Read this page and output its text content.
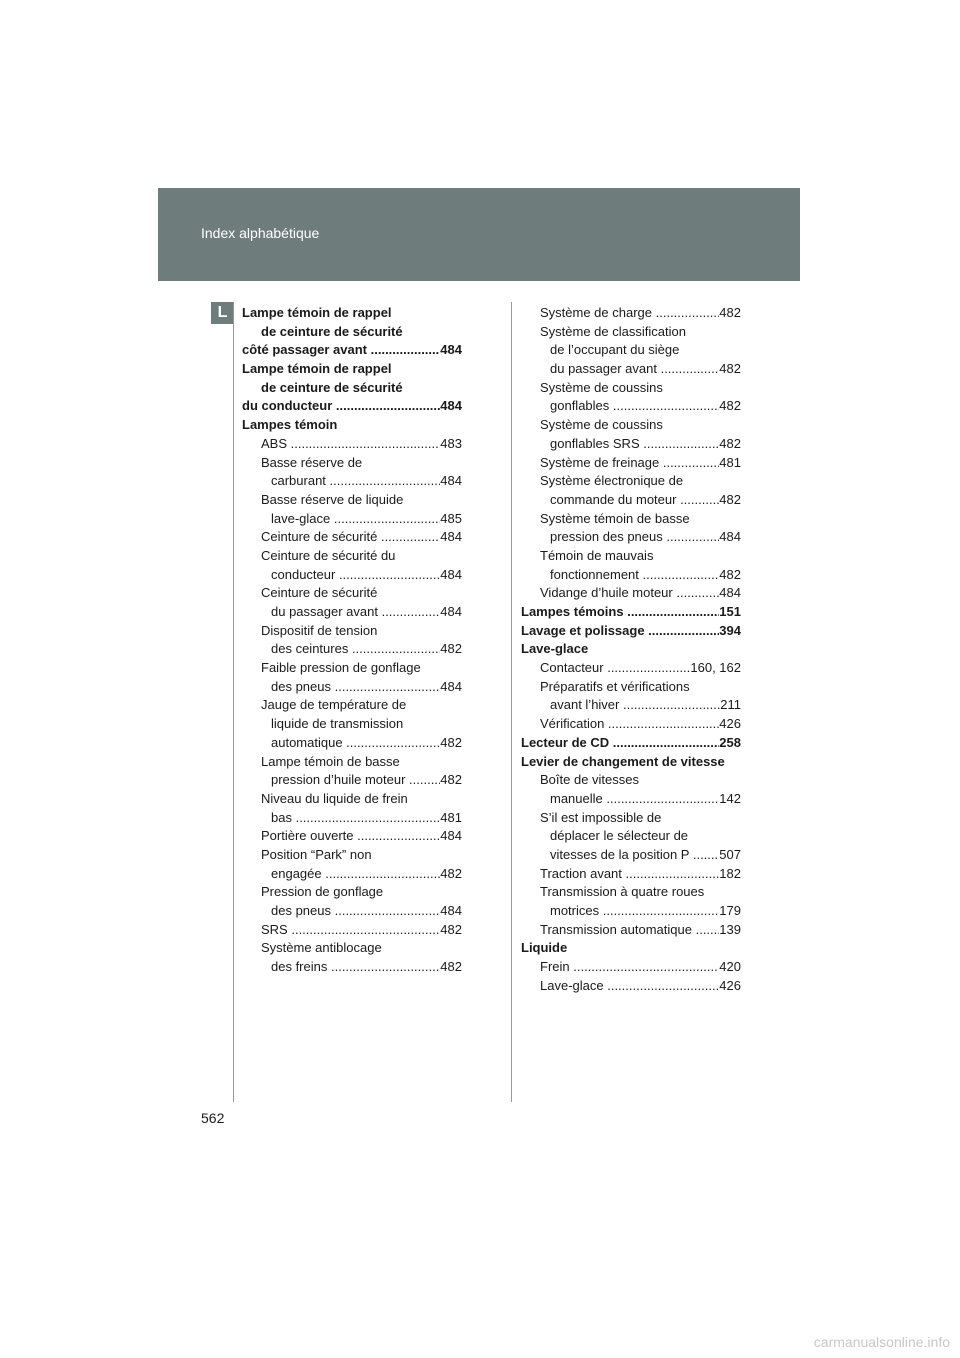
Index alphabétique
L	Lampe témoin de rappel
de ceinture de sécurité
côté passager avant .....	484
Lampe témoin de rappel
de ceinture de sécurité
du conducteur .....	484
Lampes témoin
ABS .....	483
Basse réserve de
carburant .....	484
Basse réserve de liquide
lave-glace .....	485
Ceinture de sécurité .....	484
Ceinture de sécurité du
conducteur .....	484
Ceinture de sécurité
du passager avant .....	484
Dispositif de tension
des ceintures .....	482
Faible pression de gonflage
des pneus .....	484
Jauge de température de
liquide de transmission
automatique .....	482
Lampe témoin de basse
pression d’huile moteur .....	482
Niveau du liquide de frein
bas .....	481
Portière ouverte .....	484
Position “Park” non
engagée .....	482
Pression de gonflage
des pneus .....	484
SRS .....	482
Système antiblocage
des freins .....	482
Système de charge .....	482
Système de classification
de l’occupant du siège
du passager avant .....	482
Système de coussins
gonflables .....	482
Système de coussins
gonflables SRS .....	482
Système de freinage .....	481
Système électronique de
commande du moteur .....	482
Système témoin de basse
pression des pneus .....	484
Témoin de mauvais
fonctionnement .....	482
Vidange d’huile moteur .....	484
Lampes témoins .....	151
Lavage et polissage .....	394
Lave-glace
Contacteur .....	160, 162
Préparatifs et vérifications
avant l’hiver .....	211
Vérification .....	426
Lecteur de CD .....	258
Levier de changement de vitesse
Boîte de vitesses
manuelle .....	142
S’il est impossible de
déplacer le sélecteur de
vitesses de la position P .....	507
Traction avant .....	182
Transmission à quatre roues
motrices .....	179
Transmission automatique .....	139
Liquide
Frein .....	420
Lave-glace .....	426
562
carmanualsonline.info
